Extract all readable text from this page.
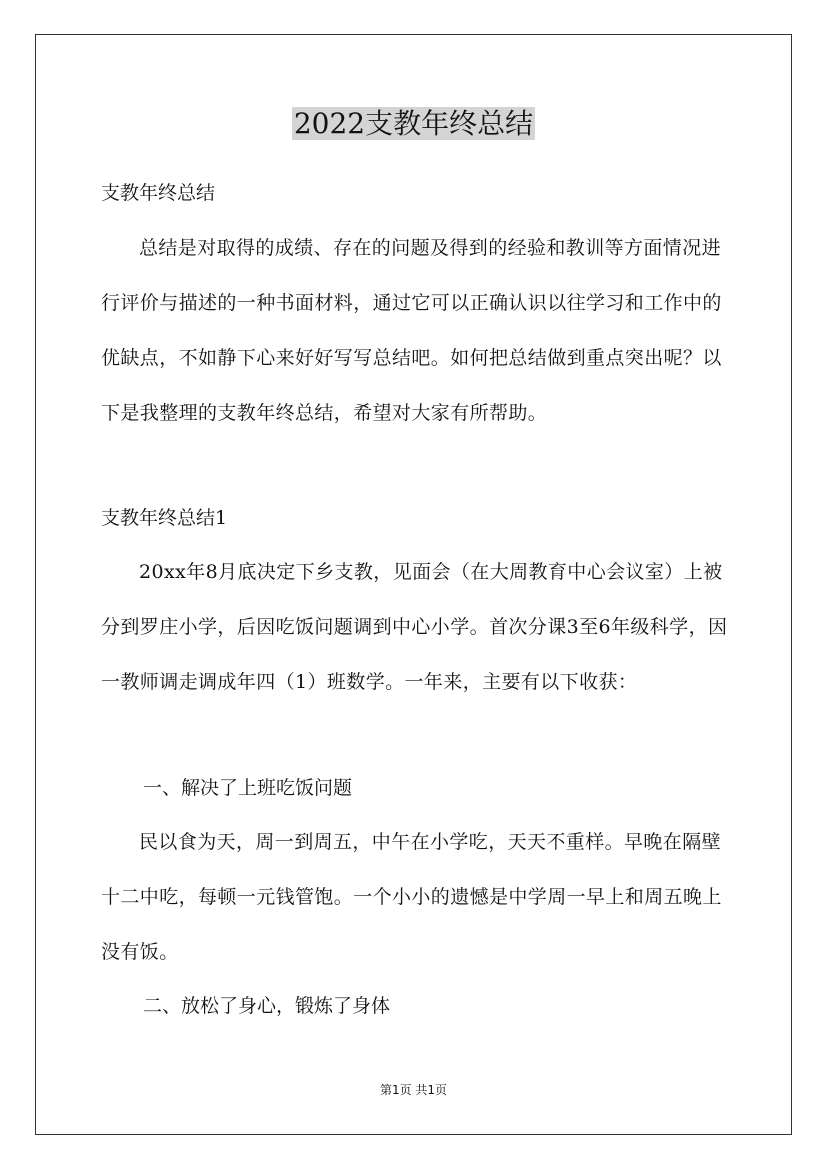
2022支教年终总结

支教年终总结

总结是对取得的成绩、存在的问题及得到的经验和教训等方面情况进行评价与描述的一种书面材料，通过它可以正确认识以往学习和工作中的优缺点，不如静下心来好好写写总结吧。如何把总结做到重点突出呢？以下是我整理的支教年终总结，希望对大家有所帮助。

支教年终总结1

20xx年8月底决定下乡支教，见面会（在大周教育中心会议室）上被分到罗庄小学，后因吃饭问题调到中心小学。首次分课3至6年级科学，因一教师调走调成年四（1）班数学。一年来，主要有以下收获：

一、解决了上班吃饭问题

民以食为天，周一到周五，中午在小学吃，天天不重样。早晚在隔壁十二中吃，每顿一元钱管饱。一个小小的遗憾是中学周一早上和周五晚上没有饭。

二、放松了身心，锻炼了身体

第1页 共1页
